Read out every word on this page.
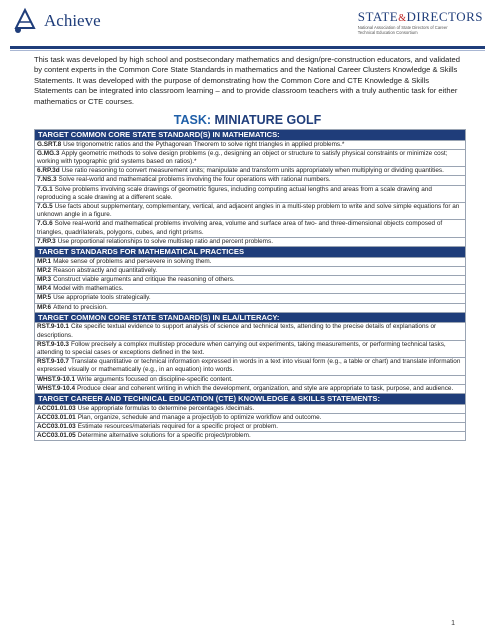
Achieve	STATE&DIRECTORS
National Association of State Directors of Career Technical Education Consortium
This task was developed by high school and postsecondary mathematics and design/pre-construction educators, and validated by content experts in the Common Core State Standards in mathematics and the National Career Clusters Knowledge & Skills Statements. It was developed with the purpose of demonstrating how the Common Core and CTE Knowledge & Skills Statements can be integrated into classroom learning – and to provide classroom teachers with a truly authentic task for either mathematics or CTE courses.
TASK: MINIATURE GOLF
TARGET COMMON CORE STATE STANDARD(S) IN MATHEMATICS:
G.SRT.8 Use trigonometric ratios and the Pythagorean Theorem to solve right triangles in applied problems.*
G.MG.3 Apply geometric methods to solve design problems (e.g., designing an object or structure to satisfy physical constraints or minimize cost; working with typographic grid systems based on ratios).*
6.RP.3d Use ratio reasoning to convert measurement units; manipulate and transform units appropriately when multiplying or dividing quantities.
7.NS.3 Solve real-world and mathematical problems involving the four operations with rational numbers.
7.G.1 Solve problems involving scale drawings of geometric figures, including computing actual lengths and areas from a scale drawing and reproducing a scale drawing at a different scale.
7.G.5 Use facts about supplementary, complementary, vertical, and adjacent angles in a multi-step problem to write and solve simple equations for an unknown angle in a figure.
7.G.6 Solve real-world and mathematical problems involving area, volume and surface area of two- and three-dimensional objects composed of triangles, quadrilaterals, polygons, cubes, and right prisms.
7.RP.3 Use proportional relationships to solve multistep ratio and percent problems.
TARGET STANDARDS FOR MATHEMATICAL PRACTICES
MP.1 Make sense of problems and persevere in solving them.
MP.2 Reason abstractly and quantitatively.
MP.3 Construct viable arguments and critique the reasoning of others.
MP.4 Model with mathematics.
MP.5 Use appropriate tools strategically.
MP.6 Attend to precision.
TARGET COMMON CORE STATE STANDARD(S) IN ELA/LITERACY:
RST.9-10.1 Cite specific textual evidence to support analysis of science and technical texts, attending to the precise details of explanations or descriptions.
RST.9-10.3 Follow precisely a complex multistep procedure when carrying out experiments, taking measurements, or performing technical tasks, attending to special cases or exceptions defined in the text.
RST.9-10.7 Translate quantitative or technical information expressed in words in a text into visual form (e.g., a table or chart) and translate information expressed visually or mathematically (e.g., in an equation) into words.
WHST.9-10.1 Write arguments focused on discipline-specific content.
WHST.9-10.4 Produce clear and coherent writing in which the development, organization, and style are appropriate to task, purpose, and audience.
TARGET CAREER AND TECHNICAL EDUCATION (CTE) KNOWLEDGE & SKILLS STATEMENTS:
ACC01.01.03 Use appropriate formulas to determine percentages /decimals.
ACC03.01.01 Plan, organize, schedule and manage a project/job to optimize workflow and outcome.
ACC03.01.03 Estimate resources/materials required for a specific project or problem.
ACC03.01.05 Determine alternative solutions for a specific project/problem.
1
